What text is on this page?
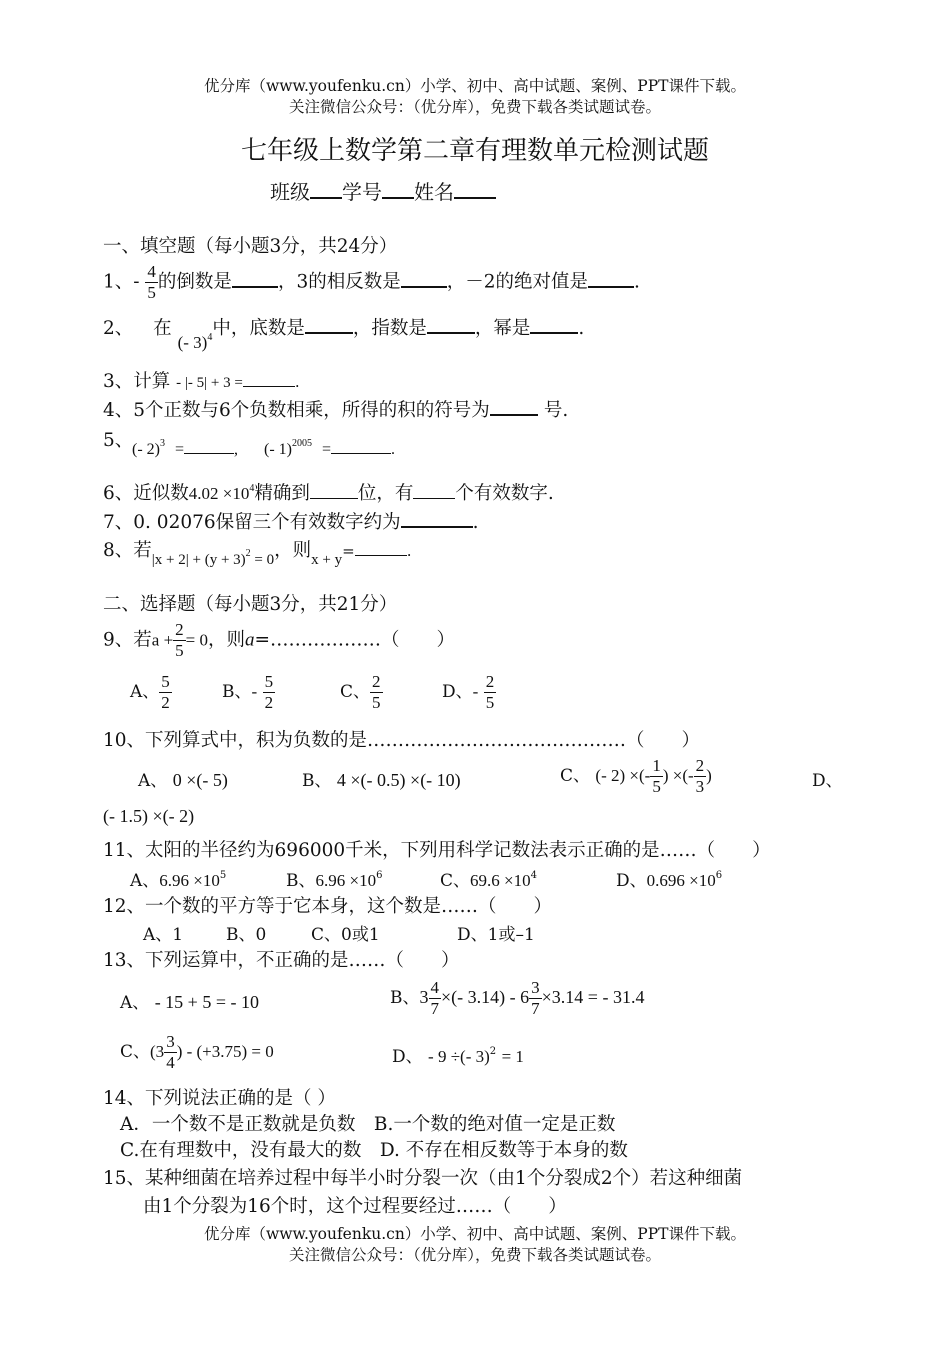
优分库（www.youfenku.cn）小学、初中、高中试题、案例、PPT课件下载。
关注微信公众号：（优分库），免费下载各类试题试卷。
七年级上数学第二章有理数单元检测试题
班级 学号 姓名
一、填空题（每小题3分，共24分）
1、- $\frac{4}{5}$ 的倒数是 ，3的相反数是 ，－2的绝对值是 .
2、 在 (- 3)$^4$中，底数是	，指数是	，幂是	.
3、计算 - |- 5| + 3 =	.
4、5个正数与6个负数相乘，所得的积的符号为	号.
5、
(- 2)$^3$ =	, (- 1)$^{2005}$ =	.
6、近似数$4.02 \times 10^4$精确到	位，有 个有效数字.
7、0. 02076保留三个有效数字约为	.
8、若$_{|x + 2| + (y + 3)^2 = 0}$，则$_{x + y}$=	.
二、选择题（每小题3分，共21分）
9、若$a + \frac{2}{5} = 0$，则a=………………（　　）
A、 $\frac{5}{2}$	B、- $\frac{5}{2}$	C、 $\frac{2}{5}$	D、- $\frac{2}{5}$
10、下列算式中，积为负数的是……………………………………（　　）
A、 0 ×(- 5)	B、 4 ×(- 0.5) ×(- 10)	C、 (- 2) ×(- $\frac{1}{5}$ ) ×(- $\frac{2}{3}$ )	D、
(- 1.5) ×(- 2)
11、太阳的半径约为696000千米，下列用科学记数法表示正确的是……（　　）
A、$6.96 \times 10^5$	B、$6.96 \times 10^6$	C、$69.6 \times 10^4$	D、$0.696 \times 10^6$
12、一个数的平方等于它本身，这个数是……（　　）
A、1	B、0	C、0或1	D、1或–1
13、下列运算中，不正确的是……（　　）
A、 - 15 + 5 = - 10	B、$3 \frac{4}{7}$ ×(- $3.14) - 6 \frac{3}{7} \times 3.14$ = - 31.4
C、($3 \frac{3}{4}$ ) - (+3.75) = 0	D、 - 9 ÷(- 3)$^2$ = 1
14、下列说法正确的是（ ）
A．一个数不是正数就是负数　B.一个数的绝对值一定是正数
C.在有理数中，没有最大的数　D. 不存在相反数等于本身的数
15、某种细菌在培养过程中每半小时分裂一次（由1个分裂成2个）若这种细菌
由1个分裂为16个时，这个过程要经过……（　　）
优分库（www.youfenku.cn）小学、初中、高中试题、案例、PPT课件下载。
关注微信公众号：（优分库），免费下载各类试题试卷。
